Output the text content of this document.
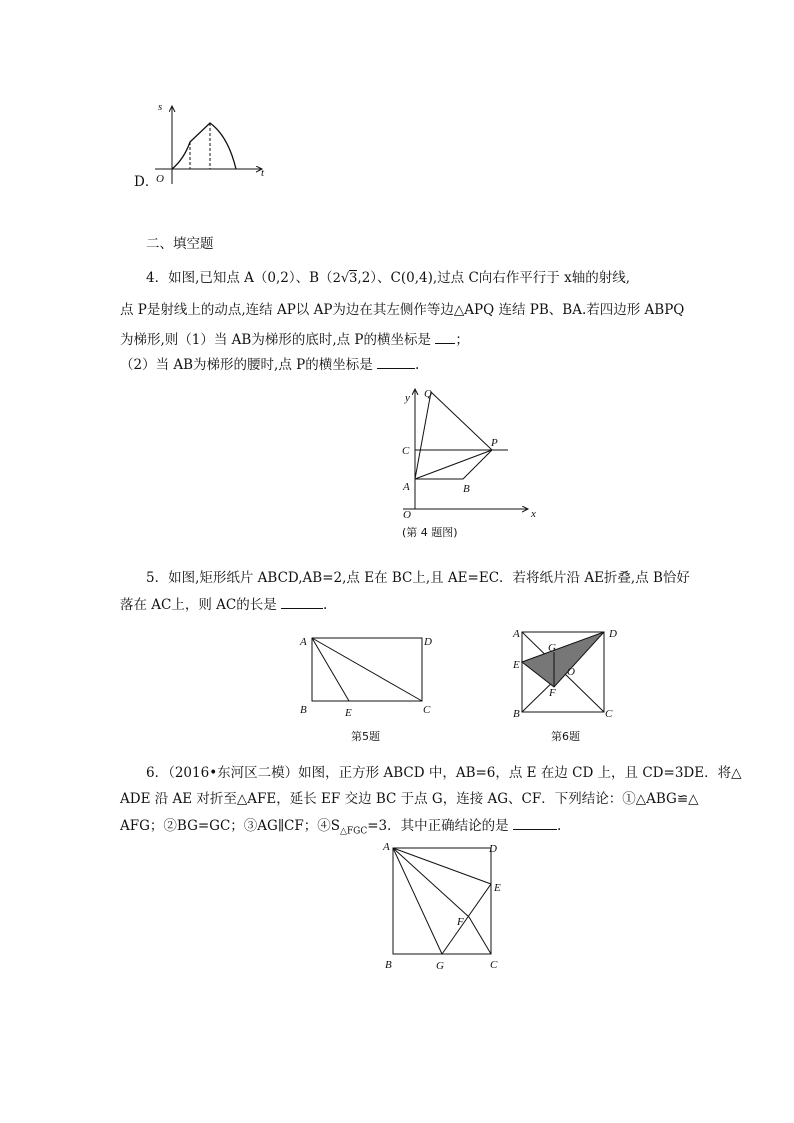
D．
s
t
O
二、填空题
4．如图,已知点 A（0,2）、B（2√3,2）、C(0,4),过点 C向右作平行于 x轴的射线,
点 P是射线上的动点,连结 AP以 AP为边在其左侧作等边△APQ 连结 PB、BA.若四边形 ABPQ
为梯形,则（1）当 AB为梯形的底时,点 P的横坐标是 ；
（2）当 AB为梯形的腰时,点 P的横坐标是	.
y
x
O
A	B
C
P
Q
(第 4 题图)
5．如图,矩形纸片 ABCD,AB=2,点 E在 BC上,且 AE=EC．若将纸片沿 AE折叠,点 B恰好
落在 AC上，则 AC的长是	.
A	D
B	C
E
第5题
A	D
E
G
O
F
B	C
第6题
6．（2016•东河区二模）如图，正方形 ABCD 中，AB=6，点 E 在边 CD 上，且 CD=3DE．将△
ADE 沿 AE 对折至△AFE，延长 EF 交边 BC 于点 G，连接 AG、CF．下列结论：①△ABG≌△
AFG；②BG=GC；③AG∥CF；$④S_{\triangle FGC}=3$．其中正确结论的是	.
A	D
E
F
B	G	C
